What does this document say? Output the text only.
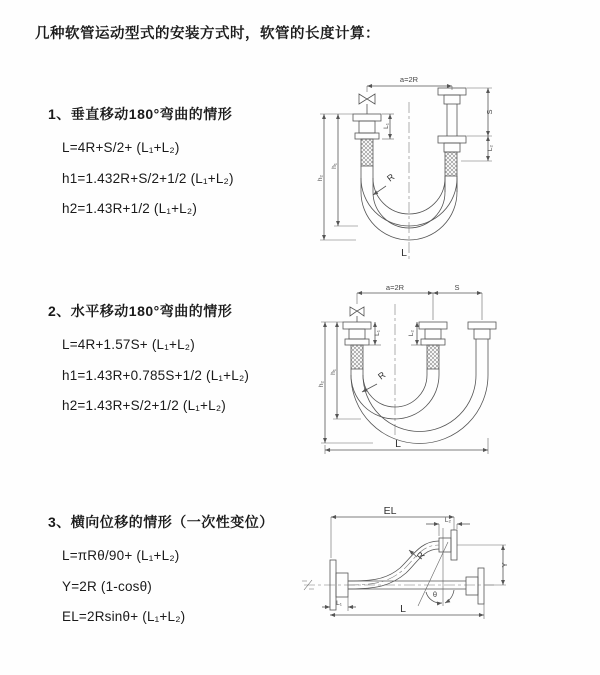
几种软管运动型式的安装方式时，软管的长度计算：
1、垂直移动180°弯曲的情形
L=4R+S/2+ (L₁+L₂)
h1=1.432R+S/2+1/2 (L₁+L₂)
h2=1.43R+1/2 (L₁+L₂)
2、水平移动180°弯曲的情形
L=4R+1.57S+ (L₁+L₂)
h1=1.43R+0.785S+1/2 (L₁+L₂)
h2=1.43R+S/2+1/2 (L₁+L₂)
3、横向位移的情形（一次性变位）
L=πRθ/90+ (L₁+L₂)
Y=2R (1-cosθ)
EL=2Rsinθ+ (L₁+L₂)
a=2R
L₁
S
L₂
h₁
h₂	R
L
a=2R	S
L₁	L₂
h₁
h₂
R
L
EL
L₂
Y
θ
R
L₁	L
